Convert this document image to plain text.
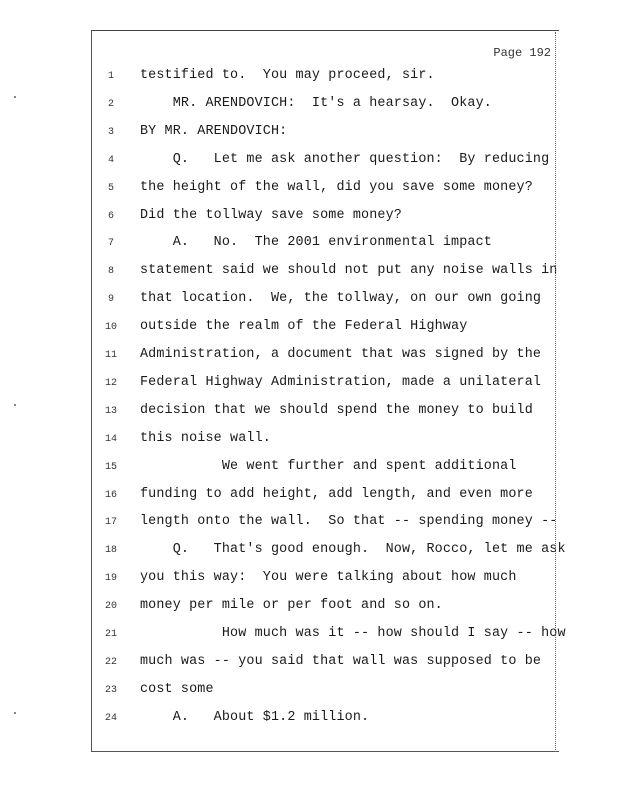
Page 192
1	testified to.  You may proceed, sir.
2	MR. ARENDOVICH:  It's a hearsay.  Okay.
3	BY MR. ARENDOVICH:
4	Q.   Let me ask another question:  By reducing
5	the height of the wall, did you save some money?
6	Did the tollway save some money?
7	A.   No.  The 2001 environmental impact
8	statement said we should not put any noise walls in
9	that location.  We, the tollway, on our own going
10	outside the realm of the Federal Highway
11	Administration, a document that was signed by the
12	Federal Highway Administration, made a unilateral
13	decision that we should spend the money to build
14	this noise wall.
15	We went further and spent additional
16	funding to add height, add length, and even more
17	length onto the wall.  So that -- spending money --
18	Q.   That's good enough.  Now, Rocco, let me ask
19	you this way:  You were talking about how much
20	money per mile or per foot and so on.
21	How much was it -- how should I say -- how
22	much was -- you said that wall was supposed to be
23	cost some
24	A.   About $1.2 million.
